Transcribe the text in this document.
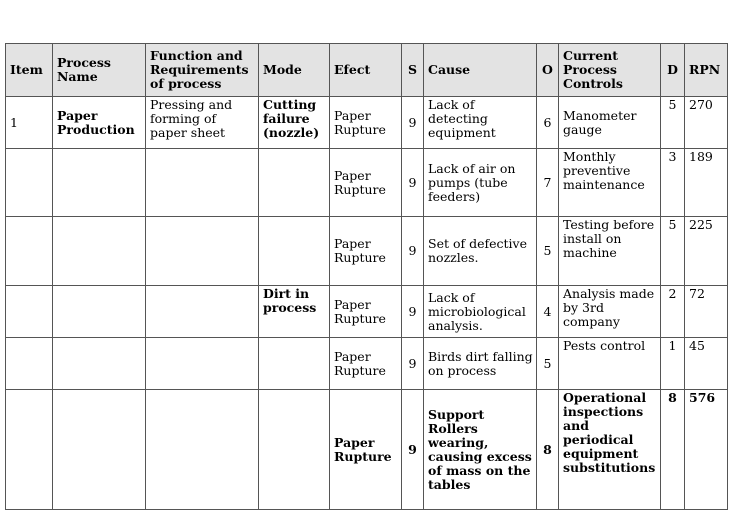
Item	Process Name	Function and Requirements of process	Mode	Efect	S	Cause	O	Current Process Controls	D	RPN
1	Paper Production	Pressing and forming of paper sheet	Cutting failure (nozzle)	Paper Rupture	9	Lack of detecting equipment	6	Manometer gauge	5	270
				Paper Rupture	9	Lack of air on pumps (tube feeders)	7	Monthly preventive maintenance	3	189
				Paper Rupture	9	Set of defective nozzles.	5	Testing before install on machine	5	225
			Dirt in process	Paper Rupture	9	Lack of microbiological analysis.	4	Analysis made by 3rd company	2	72
				Paper Rupture	9	Birds dirt falling on process	5	Pests control	1	45
				Paper Rupture	9	Support Rollers wearing, causing excess of mass on the tables	8	Operational inspections and periodical equipment substitutions	8	576
